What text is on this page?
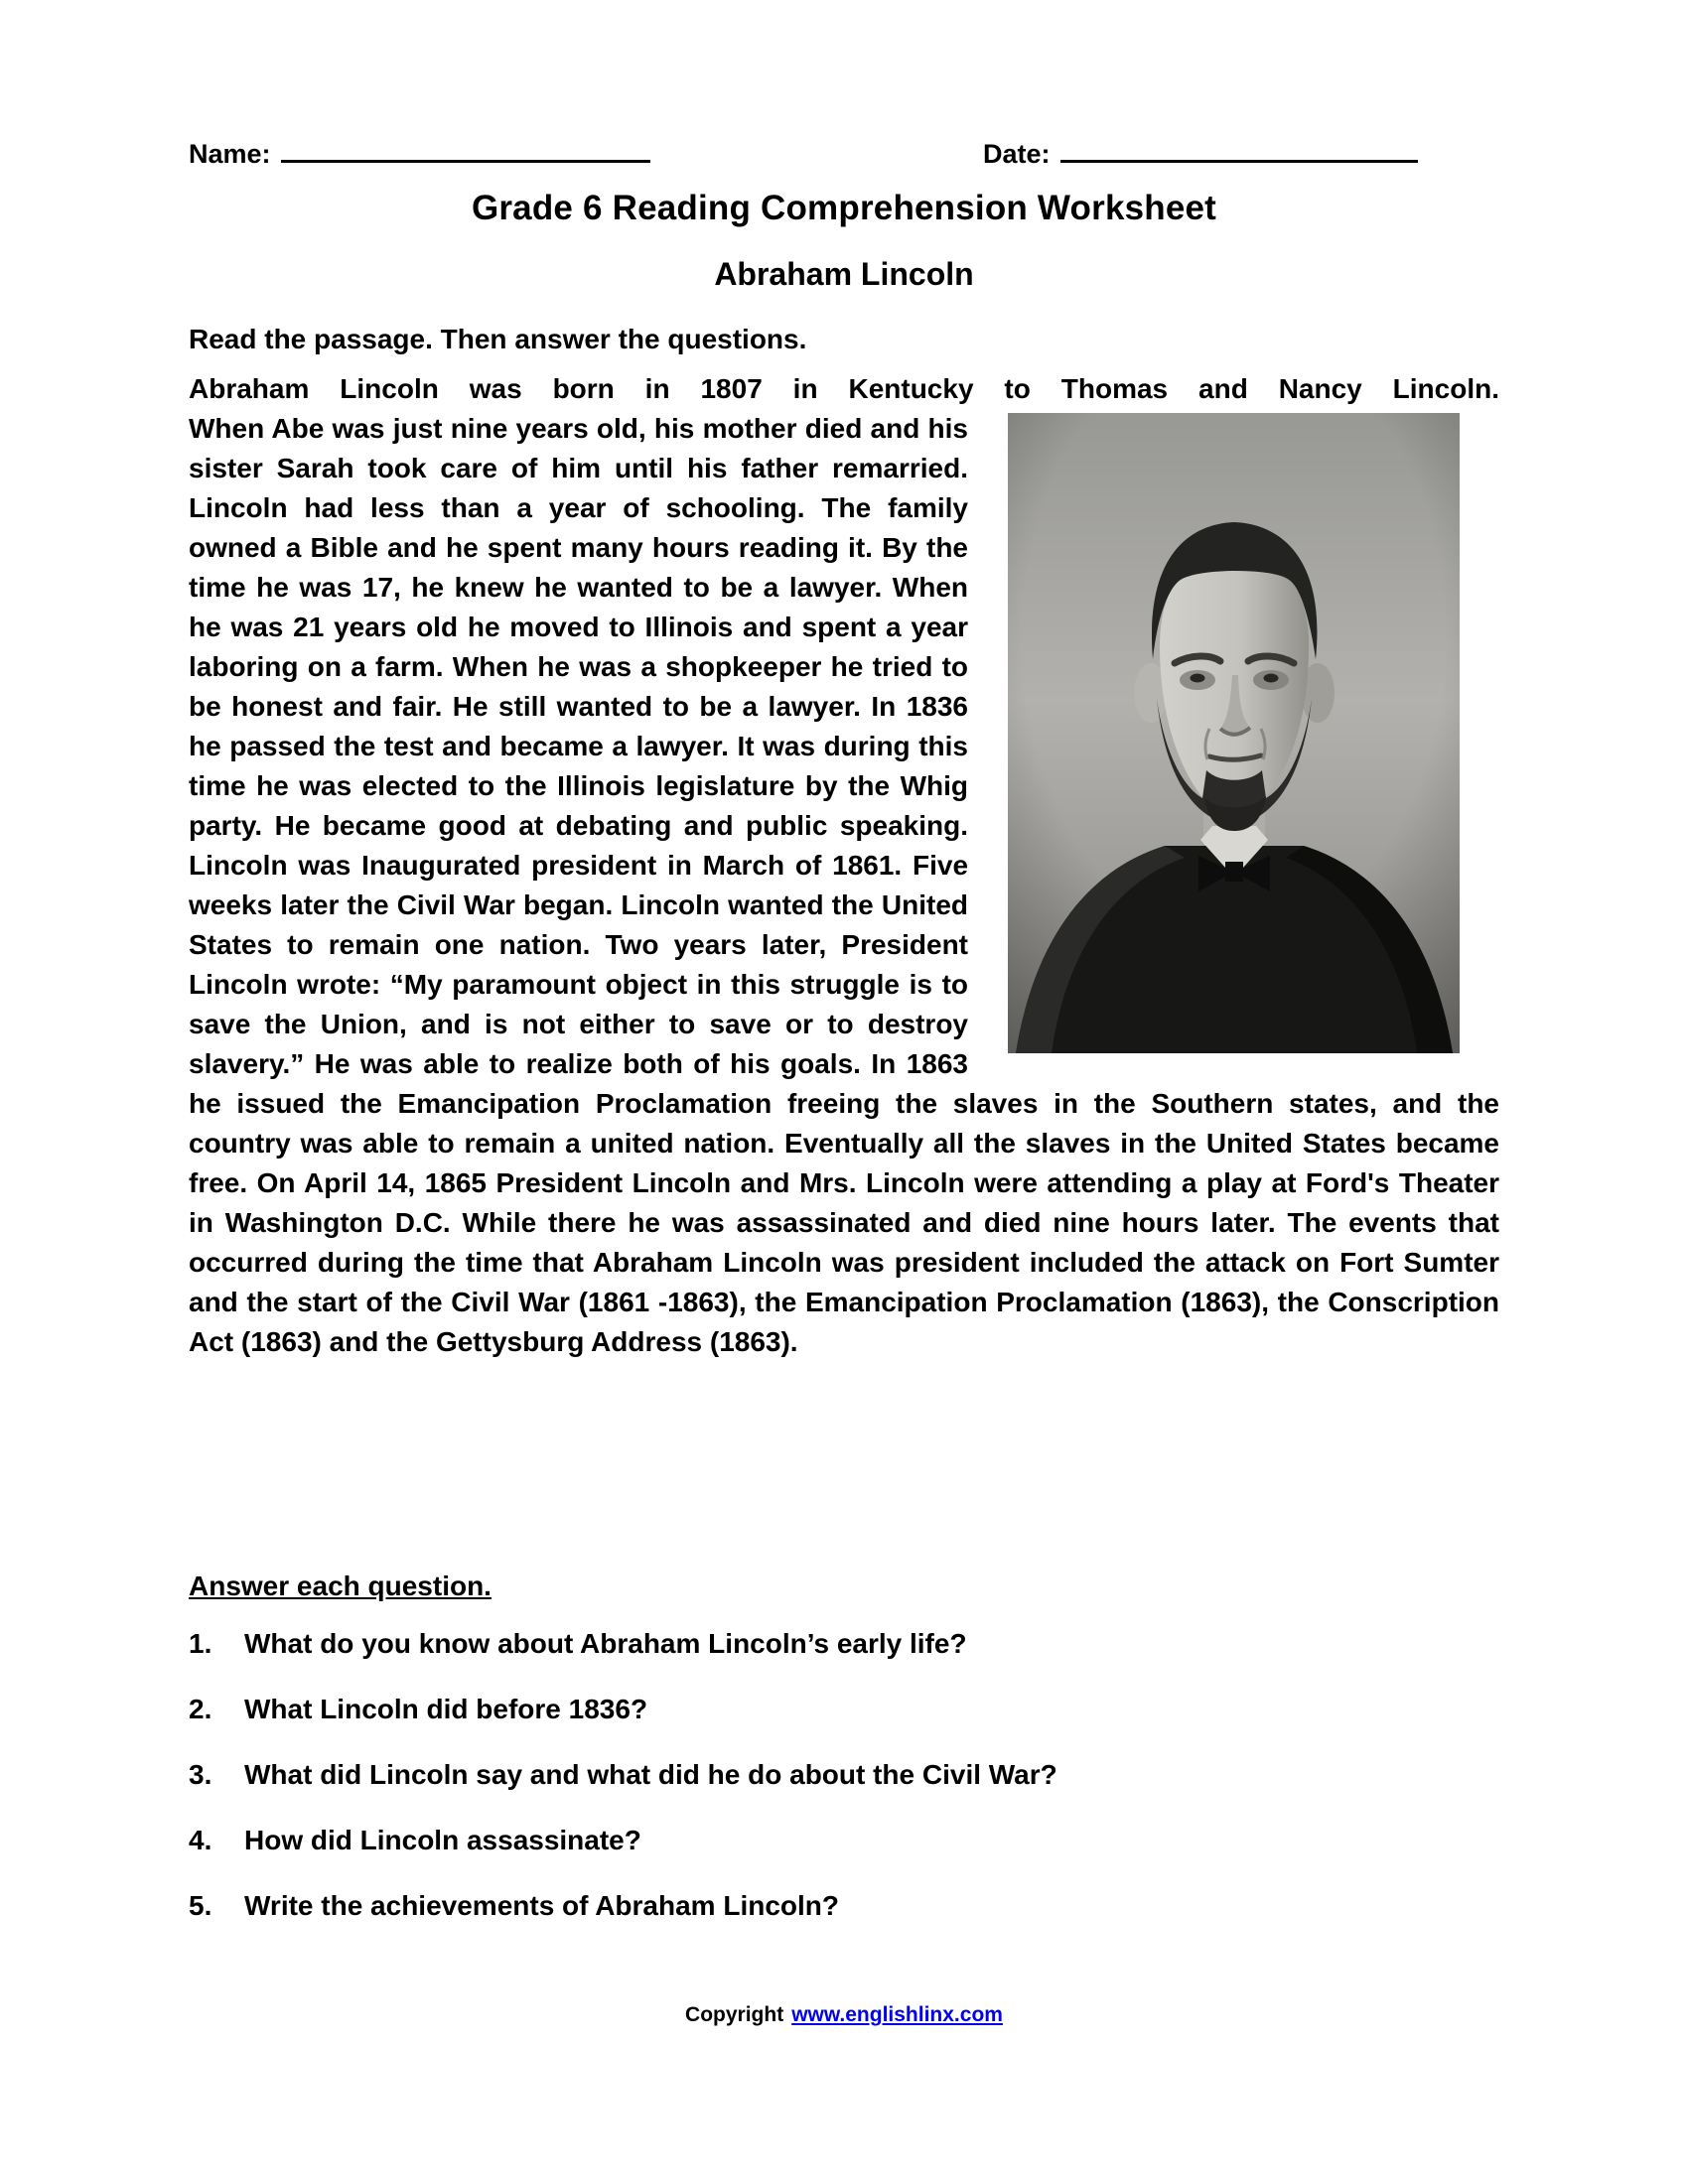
Name:	Date:
Grade 6 Reading Comprehension Worksheet
Abraham Lincoln
Read the passage. Then answer the questions.

Abraham Lincoln was born in 1807 in Kentucky to Thomas and Nancy Lincoln.

When Abe was just nine years old, his mother died and his sister Sarah took care of him until his father remarried. Lincoln had less than a year of schooling. The family owned a Bible and he spent many hours reading it. By the time he was 17, he knew he wanted to be a lawyer. When he was 21 years old he moved to Illinois and spent a year laboring on a farm. When he was a shopkeeper he tried to be honest and fair. He still wanted to be a lawyer. In 1836 he passed the test and became a lawyer. It was during this time he was elected to the Illinois legislature by the Whig party. He became good at debating and public speaking. Lincoln was Inaugurated president in March of 1861. Five weeks later the Civil War began. Lincoln wanted the United States to remain one nation. Two years later, President Lincoln wrote: “My paramount object in this struggle is to save the Union, and is not either to save or to destroy slavery.” He was able to realize both of his goals. In 1863 he issued the Emancipation Proclamation freeing the slaves in the Southern states, and the country was able to remain a united nation. Eventually all the slaves in the United States became free. On April 14, 1865 President Lincoln and Mrs. Lincoln were attending a play at Ford's Theater in Washington D.C. While there he was assassinated and died nine hours later. The events that occurred during the time that Abraham Lincoln was president included the attack on Fort Sumter and the start of the Civil War (1861 -1863), the Emancipation Proclamation (1863), the Conscription Act (1863) and the Gettysburg Address (1863).

Answer each question.
1.	What do you know about Abraham Lincoln’s early life?
2.	What Lincoln did before 1836?
3.	What did Lincoln say and what did he do about the Civil War?
4.	How did Lincoln assassinate?
5.	Write the achievements of Abraham Lincoln?
Copyright www.englishlinx.com
